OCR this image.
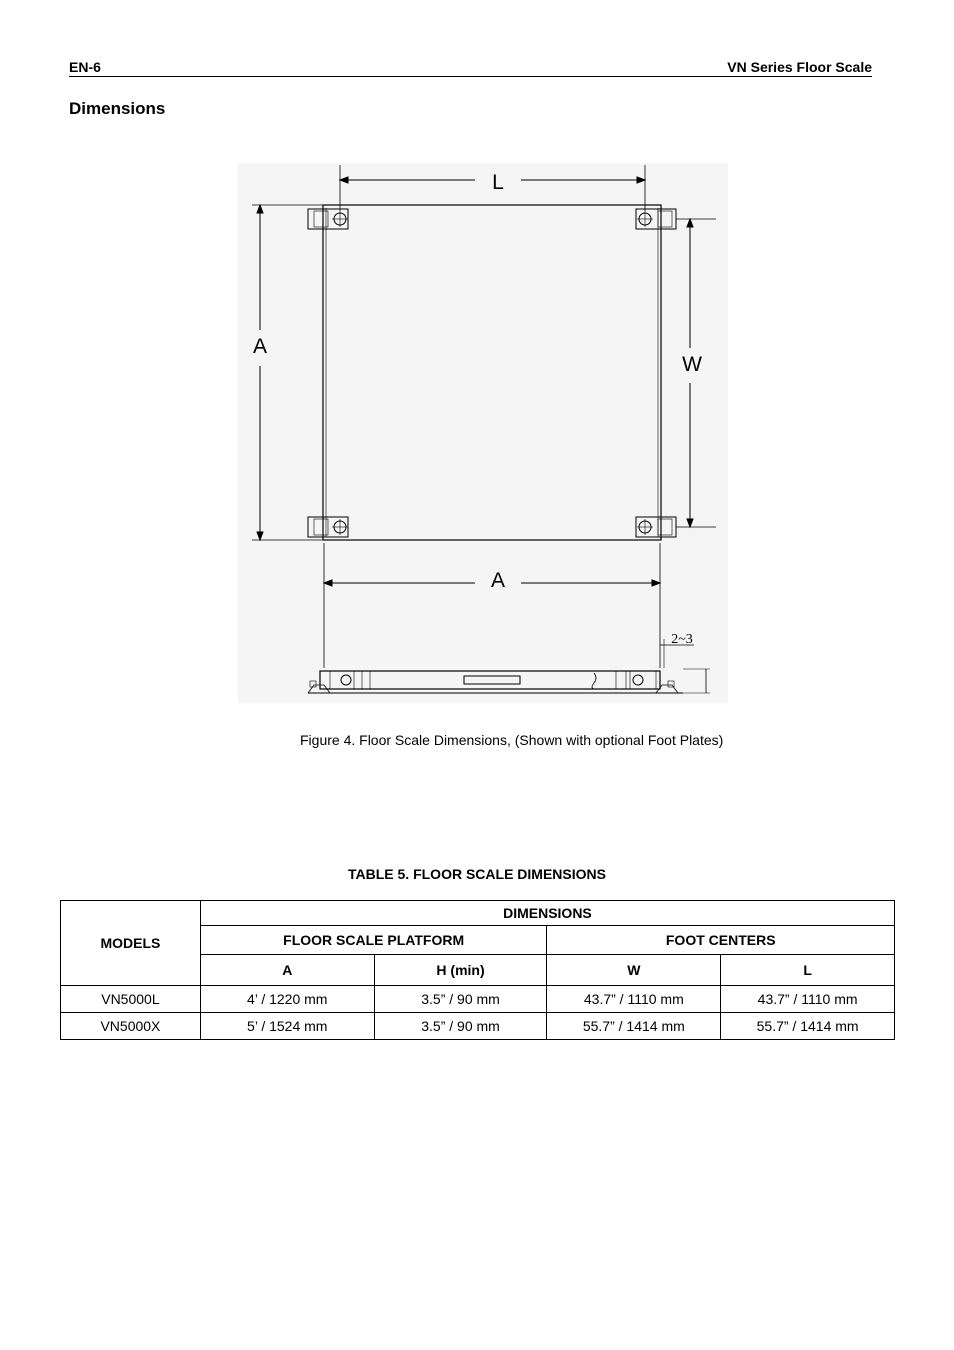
EN-6	VN Series Floor Scale
Dimensions
L
A
W
A
2~3
Figure 4. Floor Scale Dimensions, (Shown with optional Foot Plates)
TABLE 5. FLOOR SCALE DIMENSIONS
MODELS	DIMENSIONS			
	FLOOR SCALE PLATFORM		FOOT CENTERS	
	A	H (min)	W	L
VN5000L	4’ / 1220 mm	3.5” / 90 mm	43.7” / 1110 mm	43.7” / 1110 mm
VN5000X	5’ / 1524 mm	3.5” / 90 mm	55.7” / 1414 mm	55.7” / 1414 mm
